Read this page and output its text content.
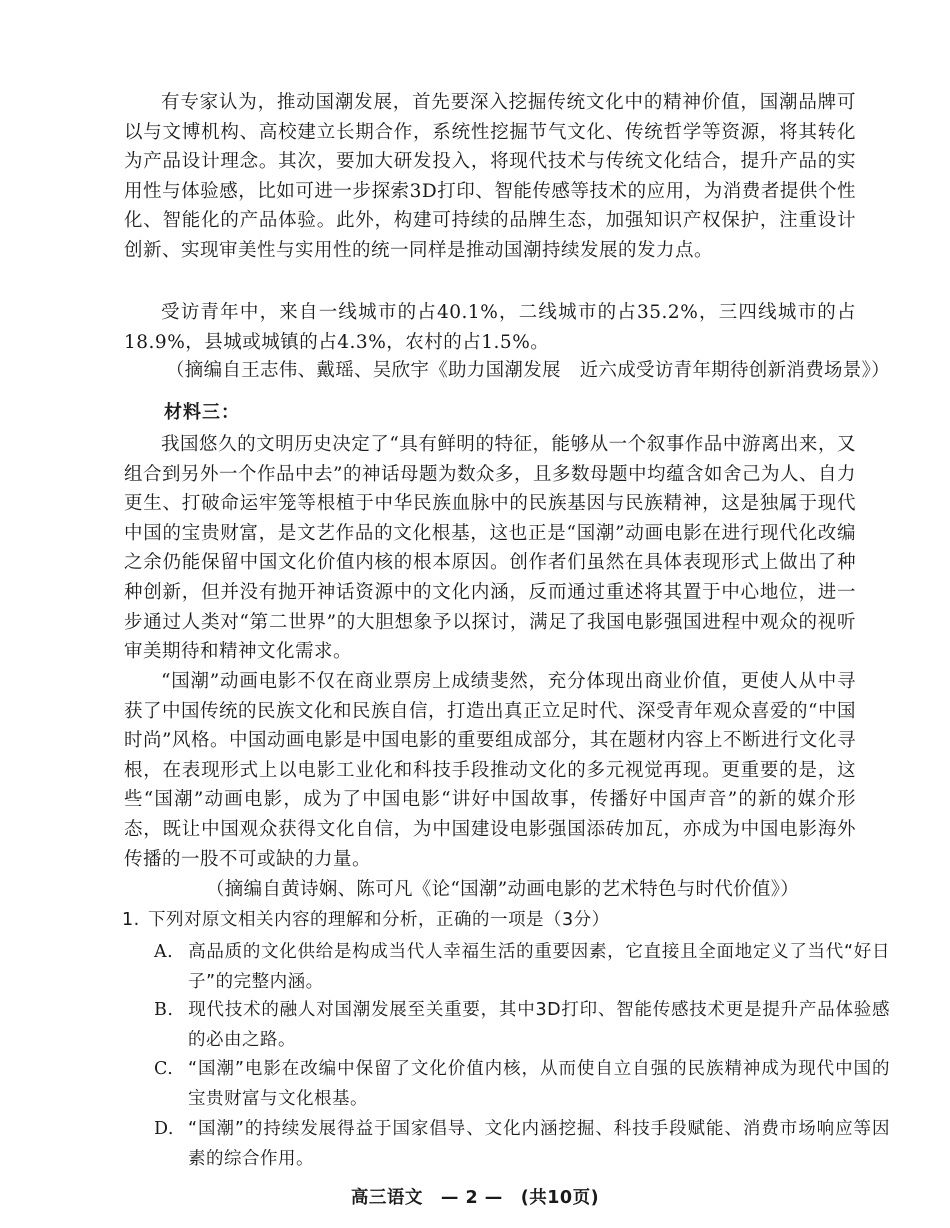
有专家认为，推动国潮发展，首先要深入挖掘传统文化中的精神价值，国潮品牌可以与文博机构、高校建立长期合作，系统性挖掘节气文化、传统哲学等资源，将其转化为产品设计理念。其次，要加大研发投入，将现代技术与传统文化结合，提升产品的实用性与体验感，比如可进一步探索3D打印、智能传感等技术的应用，为消费者提供个性化、智能化的产品体验。此外，构建可持续的品牌生态，加强知识产权保护，注重设计创新、实现审美性与实用性的统一同样是推动国潮持续发展的发力点。

受访青年中，来自一线城市的占40.1%，二线城市的占35.2%，三四线城市的占18.9%，县城或城镇的占4.3%，农村的占1.5%。

（摘编自王志伟、戴瑶、吴欣宇《助力国潮发展　近六成受访青年期待创新消费场景》）

材料三：

我国悠久的文明历史决定了“具有鲜明的特征，能够从一个叙事作品中游离出来，又组合到另外一个作品中去”的神话母题为数众多，且多数母题中均蕴含如舍己为人、自力更生、打破命运牢笼等根植于中华民族血脉中的民族基因与民族精神，这是独属于现代中国的宝贵财富，是文艺作品的文化根基，这也正是“国潮”动画电影在进行现代化改编之余仍能保留中国文化价值内核的根本原因。创作者们虽然在具体表现形式上做出了种种创新，但并没有抛开神话资源中的文化内涵，反而通过重述将其置于中心地位，进一步通过人类对“第二世界”的大胆想象予以探讨，满足了我国电影强国进程中观众的视听审美期待和精神文化需求。

“国潮”动画电影不仅在商业票房上成绩斐然，充分体现出商业价值，更使人从中寻获了中国传统的民族文化和民族自信，打造出真正立足时代、深受青年观众喜爱的“中国时尚”风格。中国动画电影是中国电影的重要组成部分，其在题材内容上不断进行文化寻根，在表现形式上以电影工业化和科技手段推动文化的多元视觉再现。更重要的是，这些“国潮”动画电影，成为了中国电影“讲好中国故事，传播好中国声音”的新的媒介形态，既让中国观众获得文化自信，为中国建设电影强国添砖加瓦，亦成为中国电影海外传播的一股不可或缺的力量。

（摘编自黄诗娴、陈可凡《论“国潮”动画电影的艺术特色与时代价值》）

1. 下列对原文相关内容的理解和分析，正确的一项是（3分）

A. 高品质的文化供给是构成当代人幸福生活的重要因素，它直接且全面地定义了当代“好日子”的完整内涵。

B. 现代技术的融人对国潮发展至关重要，其中3D打印、智能传感技术更是提升产品体验感的必由之路。

C. “国潮”电影在改编中保留了文化价值内核，从而使自立自强的民族精神成为现代中国的宝贵财富与文化根基。

D. “国潮”的持续发展得益于国家倡导、文化内涵挖掘、科技手段赋能、消费市场响应等因素的综合作用。

高三语文　— 2 —　(共10页)
